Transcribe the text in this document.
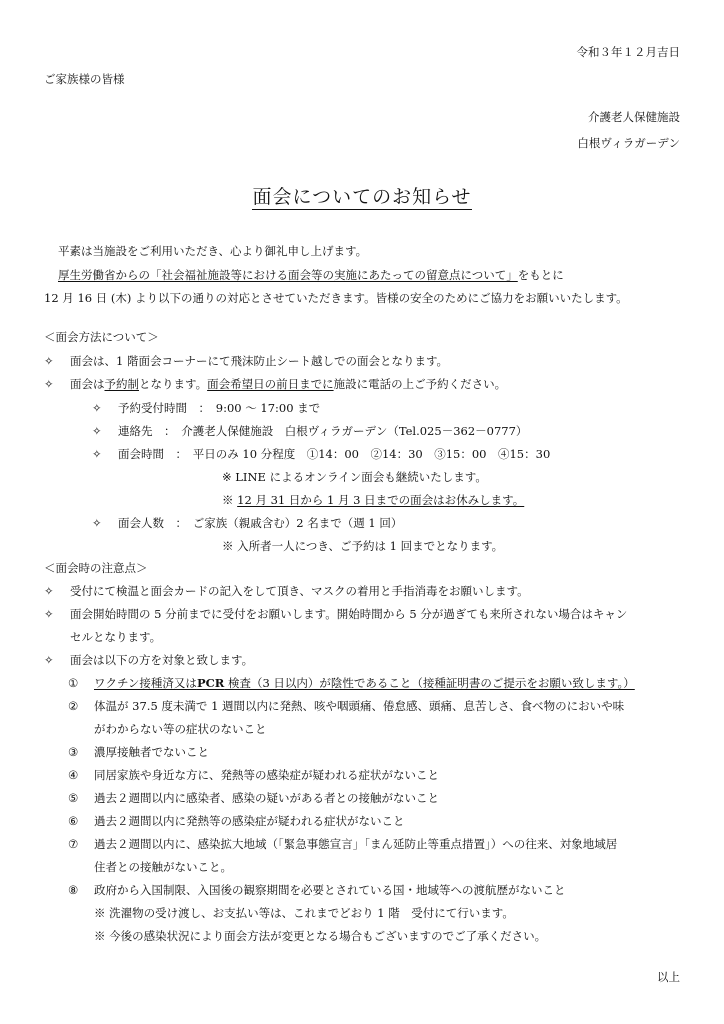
令和３年１２月吉日
ご家族様の皆様
介護老人保健施設
白根ヴィラガーデン
面会についてのお知らせ
平素は当施設をご利用いただき、心より御礼申し上げます。
厚生労働省からの「社会福祉施設等における面会等の実施にあたっての留意点について」をもとに
12 月 16 日 (木) より以下の通りの対応とさせていただきます。皆様の安全のためにご協力をお願いいたします。
＜面会方法について＞
✧ 面会は、1 階面会コーナーにて飛沫防止シート越しでの面会となります。
✧ 面会は予約制となります。面会希望日の前日までに施設に電話の上ご予約ください。
✧ 予約受付時間　：　9:00 〜 17:00 まで
✧ 連絡先　：　介護老人保健施設　白根ヴィラガーデン（Tel.025－362－0777）
✧ 面会時間　：　平日のみ 10 分程度　①14：00　②14：30　③15：00　④15：30
※ LINE によるオンライン面会も継続いたします。
※ 12 月 31 日から 1 月 3 日までの面会はお休みします。
✧ 面会人数　：　ご家族（親戚含む）2 名まで（週 1 回）
※ 入所者一人につき、ご予約は 1 回までとなります。
＜面会時の注意点＞
✧ 受付にて検温と面会カードの記入をして頂き、マスクの着用と手指消毒をお願いします。
✧ 面会開始時間の 5 分前までに受付をお願いします。開始時間から 5 分が過ぎても来所されない場合はキャン
セルとなります。
✧ 面会は以下の方を対象と致します。
① ワクチン接種済又はPCR 検査（3 日以内）が陰性であること（接種証明書のご提示をお願い致します。）
② 体温が 37.5 度未満で 1 週間以内に発熱、咳や咽頭痛、倦怠感、頭痛、息苦しさ、食べ物のにおいや味
がわからない等の症状のないこと
③ 濃厚接触者でないこと
④ 同居家族や身近な方に、発熱等の感染症が疑われる症状がないこと
⑤ 過去２週間以内に感染者、感染の疑いがある者との接触がないこと
⑥ 過去２週間以内に発熱等の感染症が疑われる症状がないこと
⑦ 過去２週間以内に、感染拡大地域（「緊急事態宣言」「まん延防止等重点措置」）への往来、対象地域居
住者との接触がないこと。
⑧ 政府から入国制限、入国後の観察期間を必要とされている国・地域等への渡航歴がないこと
※ 洗濯物の受け渡し、お支払い等は、これまでどおり 1 階　受付にて行います。
※ 今後の感染状況により面会方法が変更となる場合もございますのでご了承ください。
以上
